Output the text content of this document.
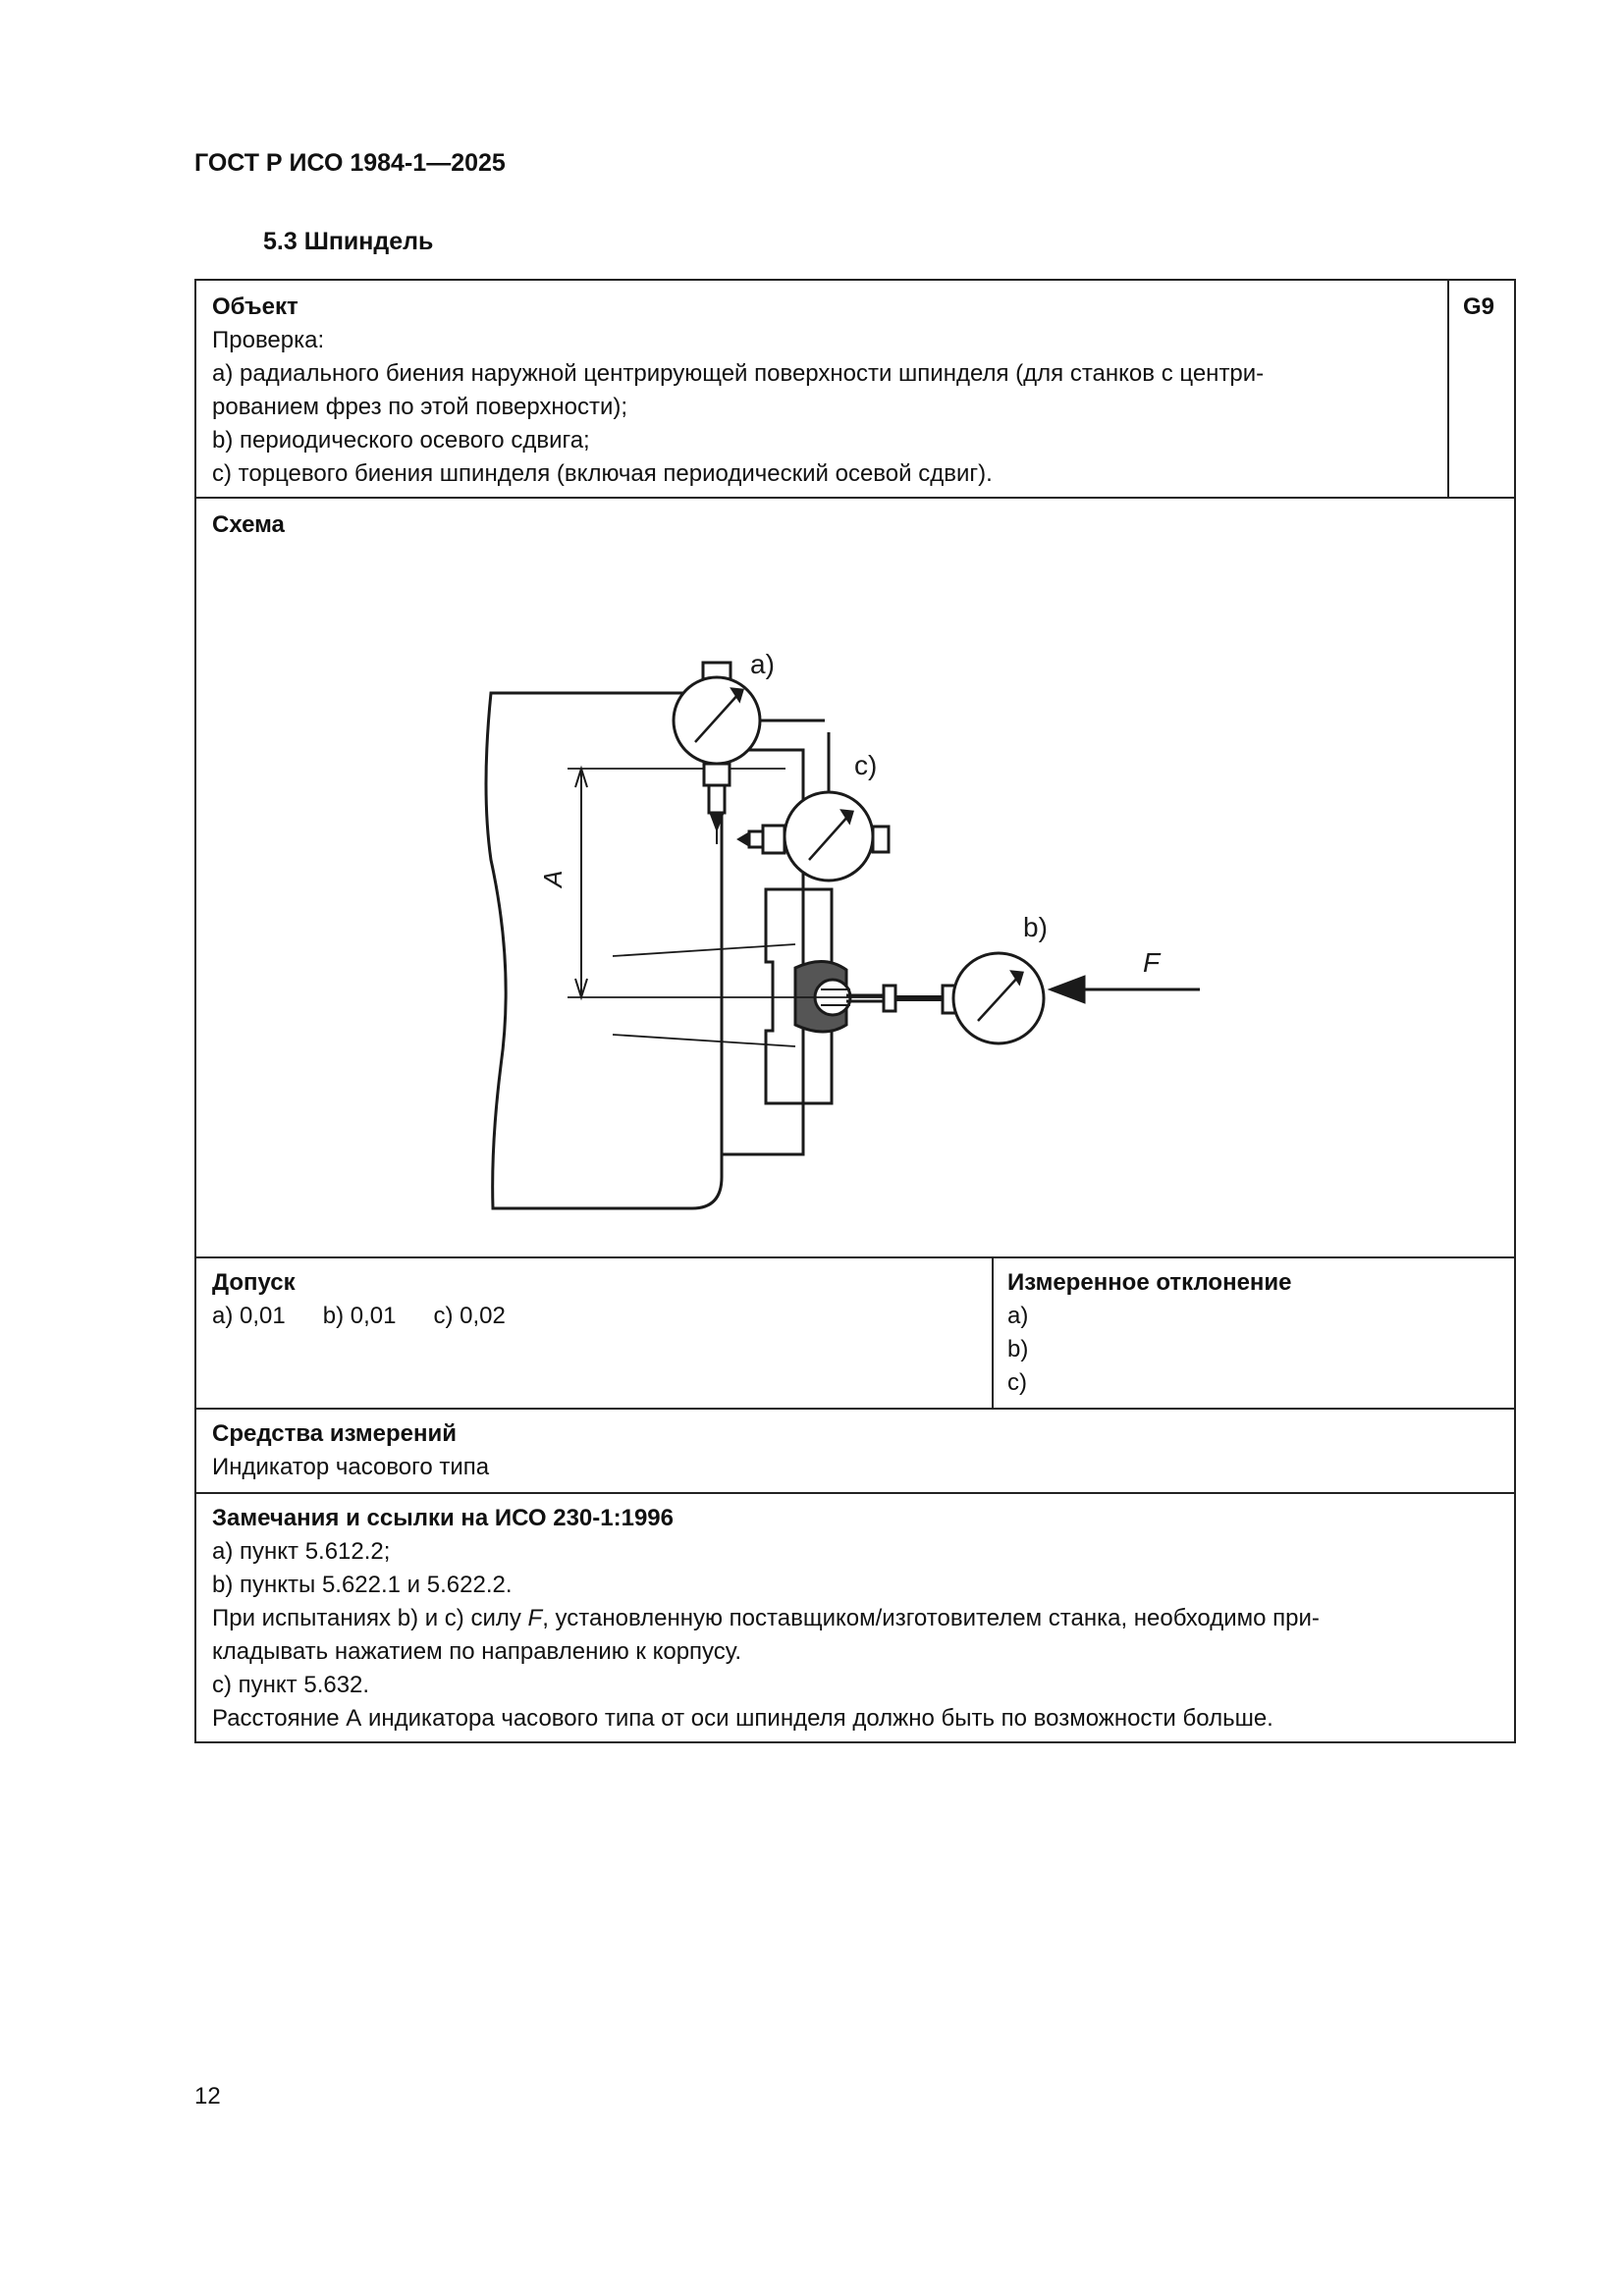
ГОСТ Р ИСО 1984-1—2025
5.3 Шпиндель
Объект
Проверка:
a) радиального биения наружной центрирующей поверхности шпинделя (для станков с центри-
рованием фрез по этой поверхности);
b) периодического осевого сдвига;
c) торцевого биения шпинделя (включая периодический осевой сдвиг).
G9
Схема
A
a)
c)
b)
F
Допуск
a) 0,01 b) 0,01 c) 0,02
Измеренное отклонение
a)
b)
c)
Средства измерений
Индикатор часового типа
Замечания и ссылки на ИСО 230-1:1996
a) пункт 5.612.2;
b) пункты 5.622.1 и 5.622.2.
При испытаниях b) и c) силу F, установленную поставщиком/изготовителем станка, необходимо при-
кладывать нажатием по направлению к корпусу.
c) пункт 5.632.
Расстояние А индикатора часового типа от оси шпинделя должно быть по возможности больше.
12
